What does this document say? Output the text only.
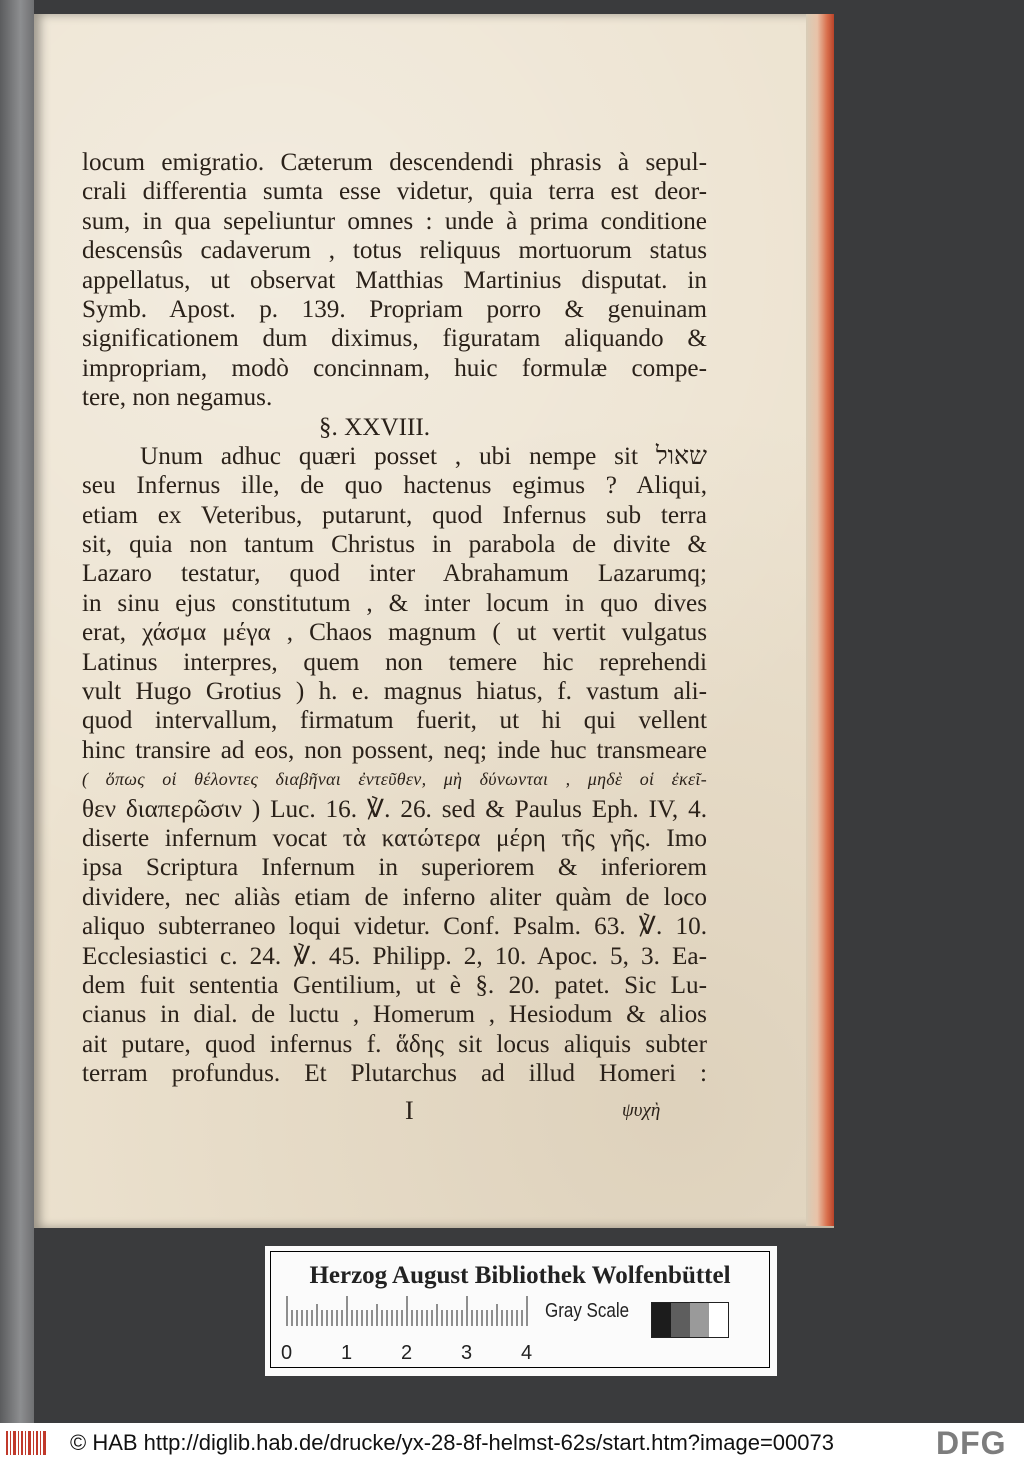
locum emigratio. Cæterum descendendi phrasis à sepul-
crali differentia sumta esse videtur, quia terra est deor-
sum, in qua sepeliuntur omnes : unde à prima conditione
descensûs cadaverum , totus reliquus mortuorum status
appellatus, ut observat Matthias Martinius disputat. in
Symb. Apost. p. 139. Propriam porro & genuinam
significationem dum diximus, figuratam aliquando &
impropriam, modò concinnam, huic formulæ compe-
tere, non negamus.
§. XXVIII.
Unum adhuc quæri posset , ubi nempe sit שאול
seu Infernus ille, de quo hactenus egimus ? Aliqui,
etiam ex Veteribus, putarunt, quod Infernus sub terra
sit, quia non tantum Christus in parabola de divite &
Lazaro testatur, quod inter Abrahamum Lazarumq;
in sinu ejus constitutum , & inter locum in quo dives
erat, χάσμα μέγα , Chaos magnum ( ut vertit vulgatus
Latinus interpres, quem non temere hic reprehendi
vult Hugo Grotius ) h. e. magnus hiatus, f. vastum ali-
quod intervallum, firmatum fuerit, ut hi qui vellent
hinc transire ad eos, non possent, neq; inde huc transmeare
( ὅπως οἱ θέλοντες διαβῆναι ἐντεῦθεν, μὴ δύνωνται , μηδὲ οἱ ἐκεῖ-
θεν διαπερῶσιν ) Luc. 16. ℣. 26. sed & Paulus Eph. IV, 4.
diserte infernum vocat τὰ κατώτερα μέρη τῆς γῆς. Imo
ipsa Scriptura Infernum in superiorem & inferiorem
dividere, nec aliàs etiam de inferno aliter quàm de loco
aliquo subterraneo loqui videtur. Conf. Psalm. 63. ℣. 10.
Ecclesiastici c. 24. ℣. 45. Philipp. 2, 10. Apoc. 5, 3. Ea-
dem fuit sententia Gentilium, ut è §. 20. patet. Sic Lu-
cianus in dial. de luctu , Homerum , Hesiodum & alios
ait putare, quod infernus f. ἅδης sit locus aliquis subter
terram profundus. Et Plutarchus ad illud Homeri :
I	ψυχὴ
Herzog August Bibliothek Wolfenbüttel
0 1 2 3 4
Gray Scale
© HAB http://diglib.hab.de/drucke/yx-28-8f-helmst-62s/start.htm?image=00073	DFG
